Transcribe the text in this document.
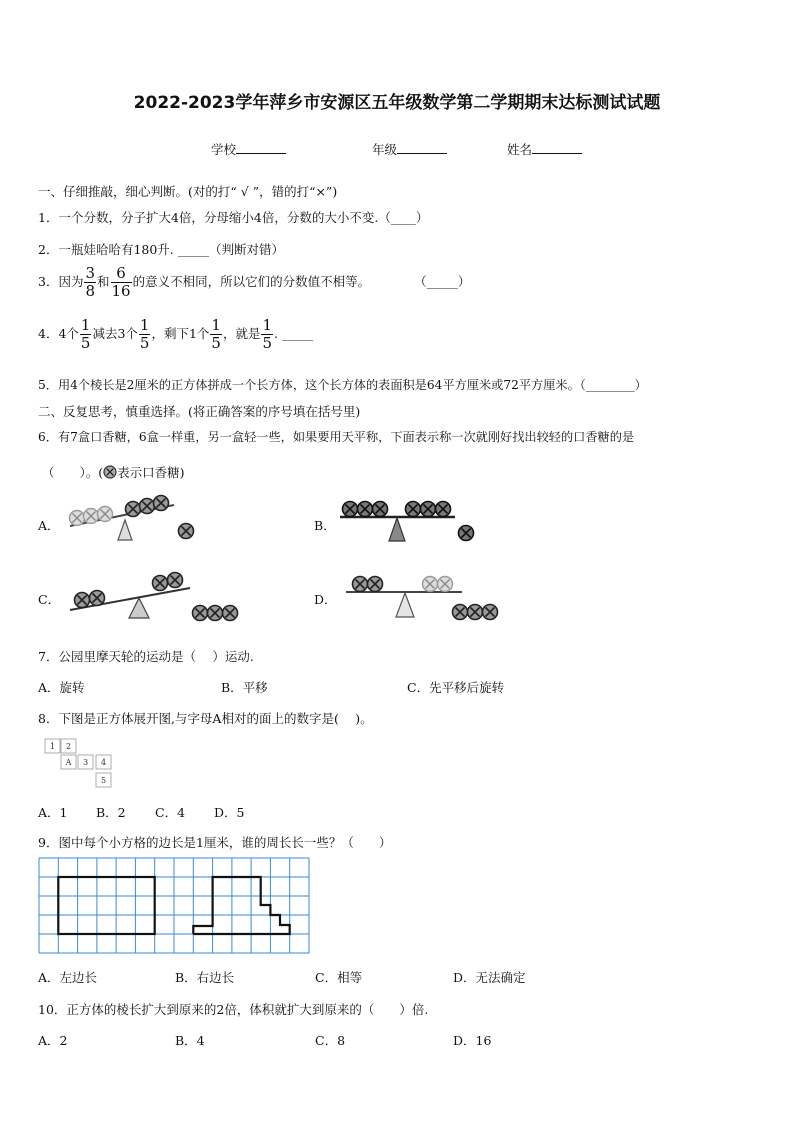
2022-2023学年萍乡市安源区五年级数学第二学期期末达标测试试题
学校	年级	姓名
一、仔细推敲，细心判断。(对的打“ √ ”，错的打“×”)
1．一个分数，分子扩大4倍，分母缩小4倍，分数的大小不变.（____）
2．一瓶娃哈哈有180升. _____（判断对错）
3．因为 $\frac{3}{8}$ 和 $\frac{6}{16}$ 的意义不相同，所以它们的分数值不相等。	（_____）
4．4个 $\frac{1}{5}$ 减去3个 $\frac{1}{5}$ ，剩下1个 $\frac{1}{5}$ ，就是 $\frac{1}{5}$ . _____
5．用4个棱长是2厘米的正方体拼成一个长方体，这个长方体的表面积是64平方厘米或72平方厘米。（________）
二、反复思考，慎重选择。(将正确答案的序号填在括号里)
6．有7盒口香糖，6盒一样重，另一盒轻一些，如果要用天平称，下面表示称一次就刚好找出较轻的口香糖的是
（　　）。( 表示口香糖)
A．	B．
C．	D．
7．公园里摩天轮的运动是（　 ）运动.
A．旋转	B．平移	C．先平移后旋转
8．下图是正方体展开图,与字母A相对的面上的数字是(　 )。
1 2
A 3 4
5
A．1 B．2 C．4 D．5
9．图中每个小方格的边长是1厘米，谁的周长长一些？（　　）
A．左边长	B．右边长	C．相等	D．无法确定
10．正方体的棱长扩大到原来的2倍，体积就扩大到原来的（　　）倍.
A．2	B．4	C．8	D．16
